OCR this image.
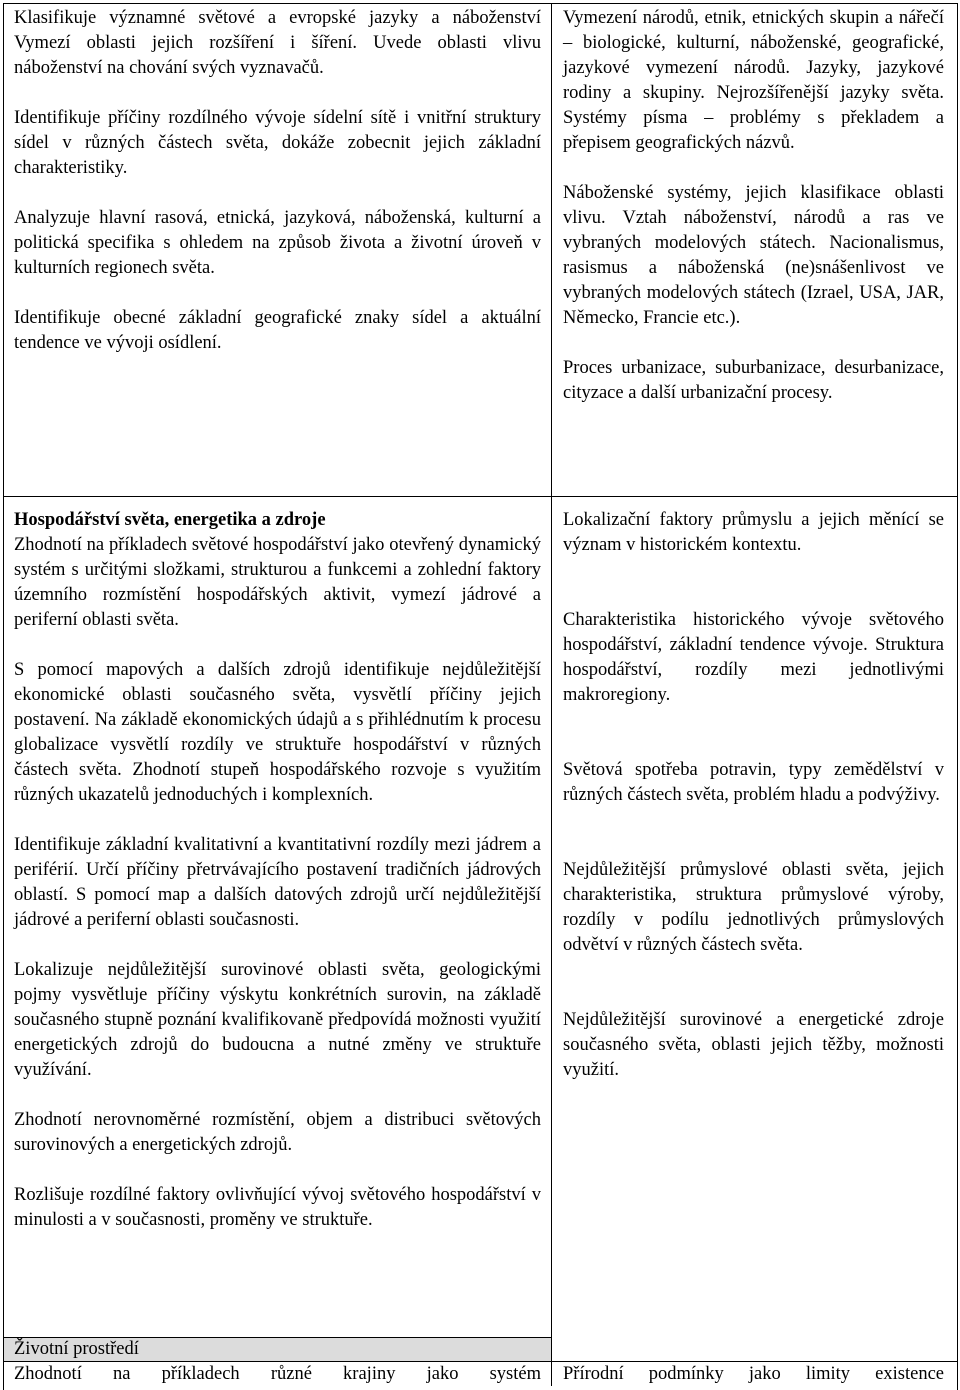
Klasifikuje významné světové a evropské jazyky a náboženství Vymezí oblasti jejich rozšíření i šíření. Uvede oblasti vlivu náboženství na chování svých vyznavačů.

Identifikuje příčiny rozdílného vývoje sídelní sítě i vnitřní struktury sídel v různých částech světa, dokáže zobecnit jejich základní charakteristiky.

Analyzuje hlavní rasová, etnická, jazyková, náboženská, kulturní a politická specifika s ohledem na způsob života a životní úroveň v kulturních regionech světa.

Identifikuje obecné základní geografické znaky sídel a aktuální tendence ve vývoji osídlení.

Vymezení národů, etnik, etnických skupin a nářečí – biologické, kulturní, náboženské, geografické, jazykové vymezení národů. Jazyky, jazykové rodiny a skupiny. Nejrozšířenější jazyky světa. Systémy písma – problémy s překladem a přepisem geografických názvů.

Náboženské systémy, jejich klasifikace oblasti vlivu. Vztah náboženství, národů a ras ve vybraných modelových státech. Nacionalismus, rasismus a náboženská (ne)snášenlivost ve vybraných modelových státech (Izrael, USA, JAR, Německo, Francie etc.).

Proces urbanizace, suburbanizace, desurbanizace, cityzace a další urbanizační procesy.

Hospodářství světa, energetika a zdroje

Zhodnotí na příkladech světové hospodářství jako otevřený dynamický systém s určitými složkami, strukturou a funkcemi a zohlední faktory územního rozmístění hospodářských aktivit, vymezí jádrové a periferní oblasti světa.

S pomocí mapových a dalších zdrojů identifikuje nejdůležitější ekonomické oblasti současného světa, vysvětlí příčiny jejich postavení. Na základě ekonomických údajů a s přihlédnutím k procesu globalizace vysvětlí rozdíly ve struktuře hospodářství v různých částech světa. Zhodnotí stupeň hospodářského rozvoje s využitím různých ukazatelů jednoduchých i komplexních.

Identifikuje základní kvalitativní a kvantitativní rozdíly mezi jádrem a periférií. Určí příčiny přetrvávajícího postavení tradičních jádrových oblastí. S pomocí map a dalších datových zdrojů určí nejdůležitější jádrové a periferní oblasti současnosti.

Lokalizuje nejdůležitější surovinové oblasti světa, geologickými pojmy vysvětluje příčiny výskytu konkrétních surovin, na základě současného stupně poznání kvalifikovaně předpovídá možnosti využití energetických zdrojů do budoucna a nutné změny ve struktuře využívání.

Zhodnotí nerovnoměrné rozmístění, objem a distribuci světových surovinových a energetických zdrojů.

Rozlišuje rozdílné faktory ovlivňující vývoj světového hospodářství v minulosti a v současnosti, proměny ve struktuře.

Lokalizační faktory průmyslu a jejich měnící se význam v historickém kontextu.

Charakteristika historického vývoje světového hospodářství, základní tendence vývoje. Struktura hospodářství, rozdíly mezi jednotlivými makroregiony.

Světová spotřeba potravin, typy zemědělství v různých částech světa, problém hladu a podvýživy.

Nejdůležitější průmyslové oblasti světa, jejich charakteristika, struktura průmyslové výroby, rozdíly v podílu jednotlivých průmyslových odvětví v různých částech světa.

Nejdůležitější surovinové a energetické zdroje současného světa, oblasti jejich těžby, možnosti využití.

Životní prostředí

Zhodnotí na příkladech různé krajiny jako systém Přírodní podmínky jako limity existence
